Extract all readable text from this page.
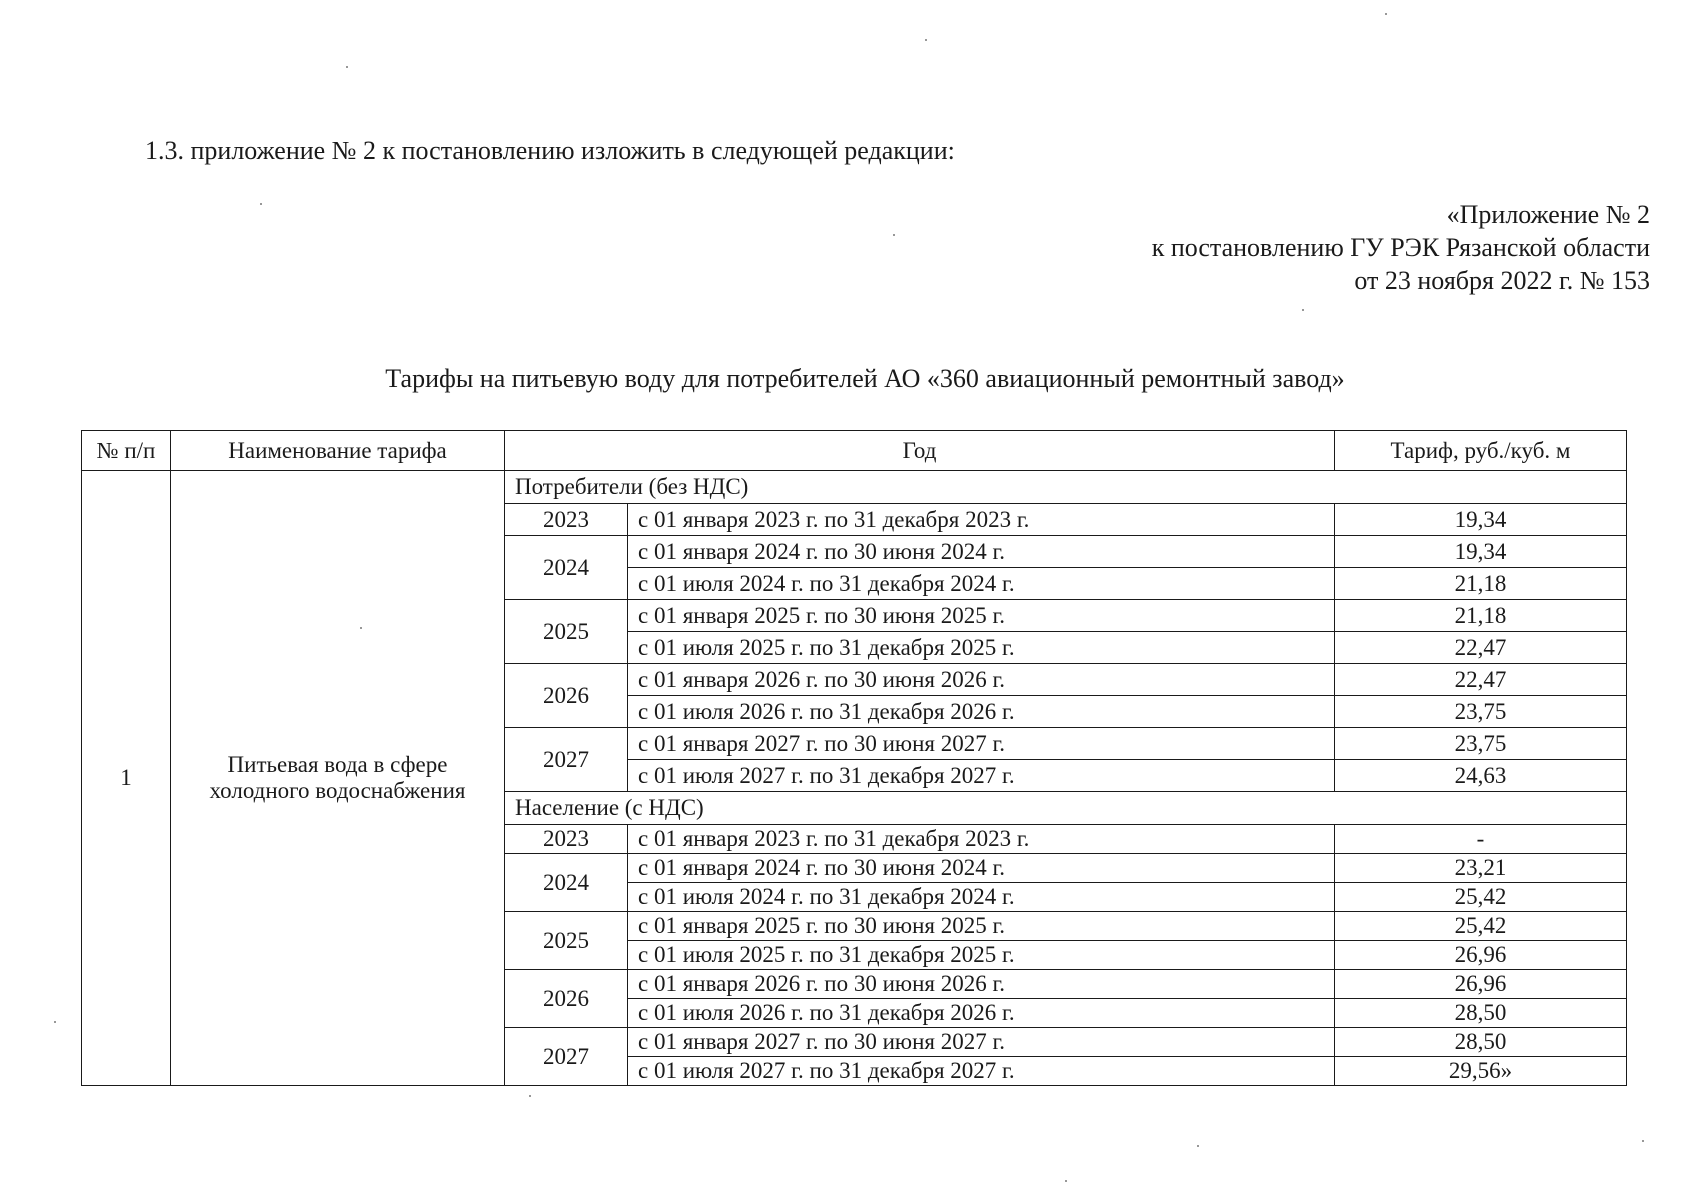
1.3. приложение № 2 к постановлению изложить в следующей редакции:

«Приложение № 2
к постановлению ГУ РЭК Рязанской области
от 23 ноября 2022 г. № 153
Тарифы на питьевую воду для потребителей АО «360 авиационный ремонтный завод»
№ п/п	Наименование тарифа	Год		Тариф, руб./куб. м
1	Питьевая вода в сфере холодного водоснабжения	Потребители (без НДС)		
		2023	с 01 января 2023 г. по 31 декабря 2023 г.	19,34
		2024	с 01 января 2024 г. по 30 июня 2024 г.	19,34
			с 01 июля 2024 г. по 31 декабря 2024 г.	21,18
		2025	с 01 января 2025 г. по 30 июня 2025 г.	21,18
			с 01 июля 2025 г. по 31 декабря 2025 г.	22,47
		2026	с 01 января 2026 г. по 30 июня 2026 г.	22,47
			с 01 июля 2026 г. по 31 декабря 2026 г.	23,75
		2027	с 01 января 2027 г. по 30 июня 2027 г.	23,75
			с 01 июля 2027 г. по 31 декабря 2027 г.	24,63
		Население (с НДС)		
		2023	с 01 января 2023 г. по 31 декабря 2023 г.	-
		2024	с 01 января 2024 г. по 30 июня 2024 г.	23,21
			с 01 июля 2024 г. по 31 декабря 2024 г.	25,42
		2025	с 01 января 2025 г. по 30 июня 2025 г.	25,42
			с 01 июля 2025 г. по 31 декабря 2025 г.	26,96
		2026	с 01 января 2026 г. по 30 июня 2026 г.	26,96
			с 01 июля 2026 г. по 31 декабря 2026 г.	28,50
		2027	с 01 января 2027 г. по 30 июня 2027 г.	28,50
			с 01 июля 2027 г. по 31 декабря 2027 г.	29,56»
